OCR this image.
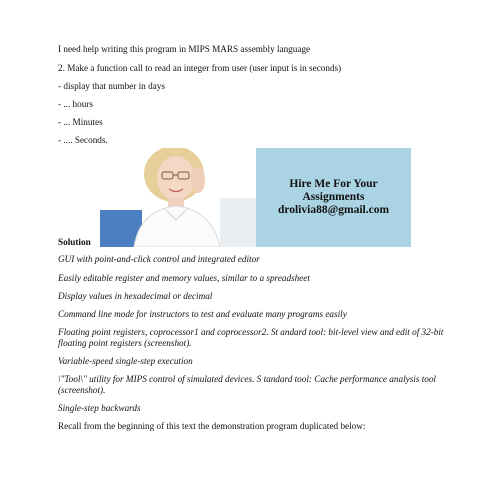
I need help writing this program in MIPS MARS assembly language
2. Make a function call to read an integer from user (user input is in seconds)
- display that number in days
- ... hours
- ... Minutes
- .... Seconds.
Hire Me For Your
Assignments
drolivia88@gmail.com
Solution
GUI with point-and-click control and integrated editor
Easily editable register and memory values, similar to a spreadsheet
Display values in hexadecimal or decimal
Command line mode for instructors to test and evaluate many programs easily
Floating point registers, coprocessor1 and coprocessor2. St andard tool: bit-level view and edit of 32-bit floating point registers (screenshot).
Variable-speed single-step execution
\"Tool\" utility for MIPS control of simulated devices. S tandard tool: Cache performance analysis tool (screenshot).
Single-step backwards
Recall from the beginning of this text the demonstration program duplicated below:
